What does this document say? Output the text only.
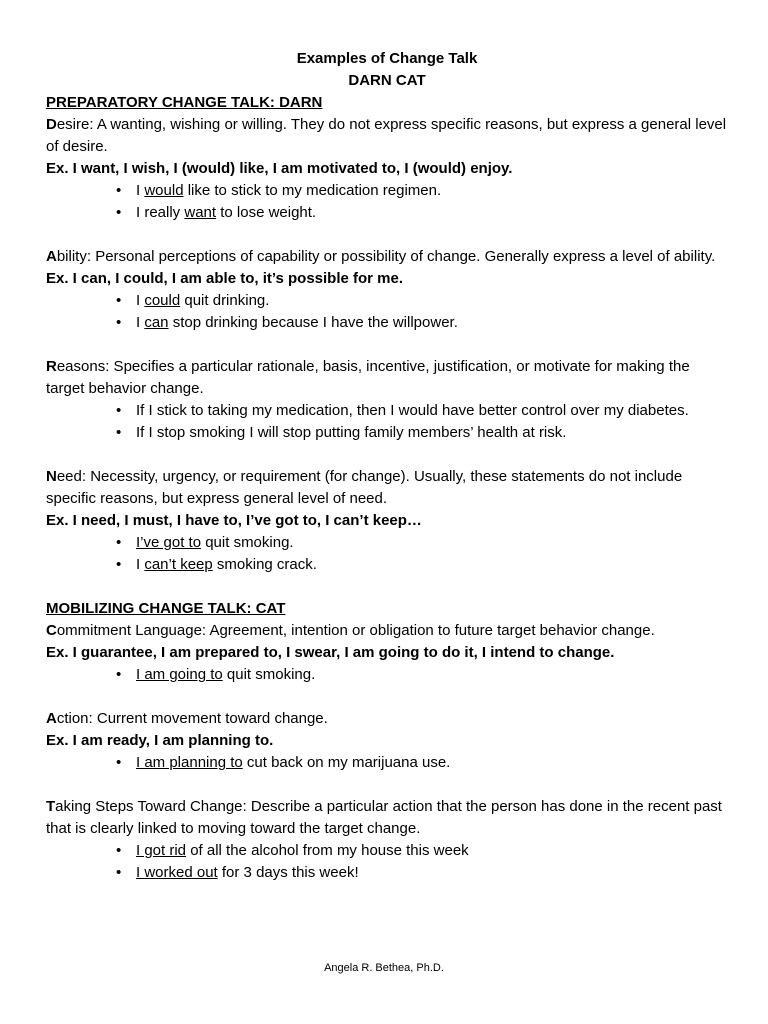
Examples of Change Talk
DARN CAT
PREPARATORY CHANGE TALK: DARN

Desire: A wanting, wishing or willing. They do not express specific reasons, but express a general level of desire.

Ex. I want, I wish, I (would) like, I am motivated to, I (would) enjoy.

• I would like to stick to my medication regimen.
• I really want to lose weight.

Ability: Personal perceptions of capability or possibility of change. Generally express a level of ability.

Ex. I can, I could, I am able to, it’s possible for me.

• I could quit drinking.
• I can stop drinking because I have the willpower.

Reasons: Specifies a particular rationale, basis, incentive, justification, or motivate for making the target behavior change.

• If I stick to taking my medication, then I would have better control over my diabetes.
• If I stop smoking I will stop putting family members’ health at risk.

Need: Necessity, urgency, or requirement (for change). Usually, these statements do not include specific reasons, but express general level of need.

Ex. I need, I must, I have to, I’ve got to, I can’t keep…

• I’ve got to quit smoking.
• I can’t keep smoking crack.
MOBILIZING CHANGE TALK: CAT

Commitment Language: Agreement, intention or obligation to future target behavior change.

Ex. I guarantee, I am prepared to, I swear, I am going to do it, I intend to change.

• I am going to quit smoking.

Action: Current movement toward change.

Ex. I am ready, I am planning to.

• I am planning to cut back on my marijuana use.

Taking Steps Toward Change: Describe a particular action that the person has done in the recent past that is clearly linked to moving toward the target change.

• I got rid of all the alcohol from my house this week
• I worked out for 3 days this week!
Angela R. Bethea, Ph.D.
